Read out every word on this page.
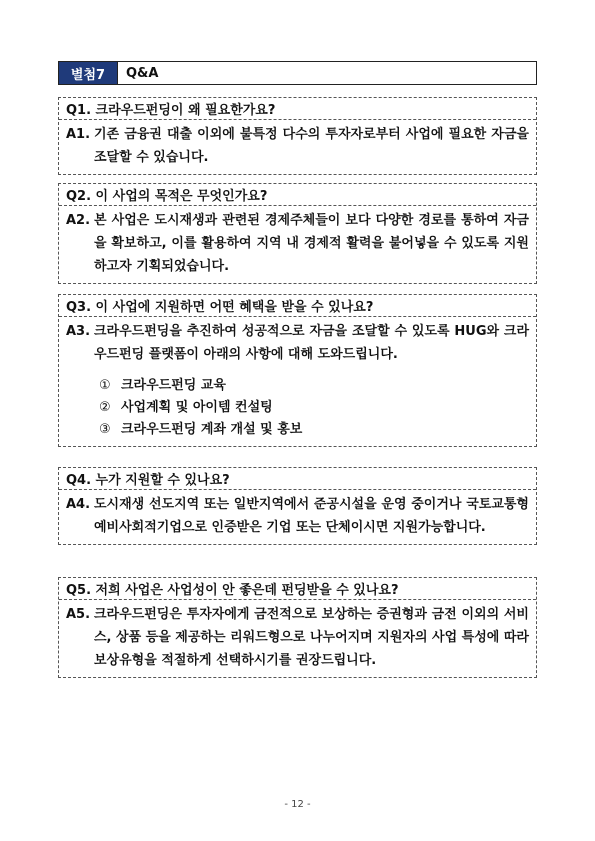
별첨7	Q&A
Q1. 크라우드펀딩이 왜 필요한가요?
A1. 기존 금융권 대출 이외에 불특정 다수의 투자자로부터 사업에 필요한 자금을 조달할 수 있습니다.
Q2. 이 사업의 목적은 무엇인가요?
A2. 본 사업은 도시재생과 관련된 경제주체들이 보다 다양한 경로를 통하여 자금을 확보하고, 이를 활용하여 지역 내 경제적 활력을 불어넣을 수 있도록 지원하고자 기획되었습니다.
Q3. 이 사업에 지원하면 어떤 혜택을 받을 수 있나요?
A3. 크라우드펀딩을 추진하여 성공적으로 자금을 조달할 수 있도록 HUG와 크라우드펀딩 플랫폼이 아래의 사항에 대해 도와드립니다.
① 크라우드펀딩 교육
② 사업계획 및 아이템 컨설팅
③ 크라우드펀딩 계좌 개설 및 홍보
Q4. 누가 지원할 수 있나요?
A4. 도시재생 선도지역 또는 일반지역에서 준공시설을 운영 중이거나 국토교통형 예비사회적기업으로 인증받은 기업 또는 단체이시면 지원가능합니다.
Q5. 저희 사업은 사업성이 안 좋은데 펀딩받을 수 있나요?
A5. 크라우드펀딩은 투자자에게 금전적으로 보상하는 증권형과 금전 이외의 서비스, 상품 등을 제공하는 리워드형으로 나누어지며 지원자의 사업 특성에 따라 보상유형을 적절하게 선택하시기를 권장드립니다.
- 12 -
